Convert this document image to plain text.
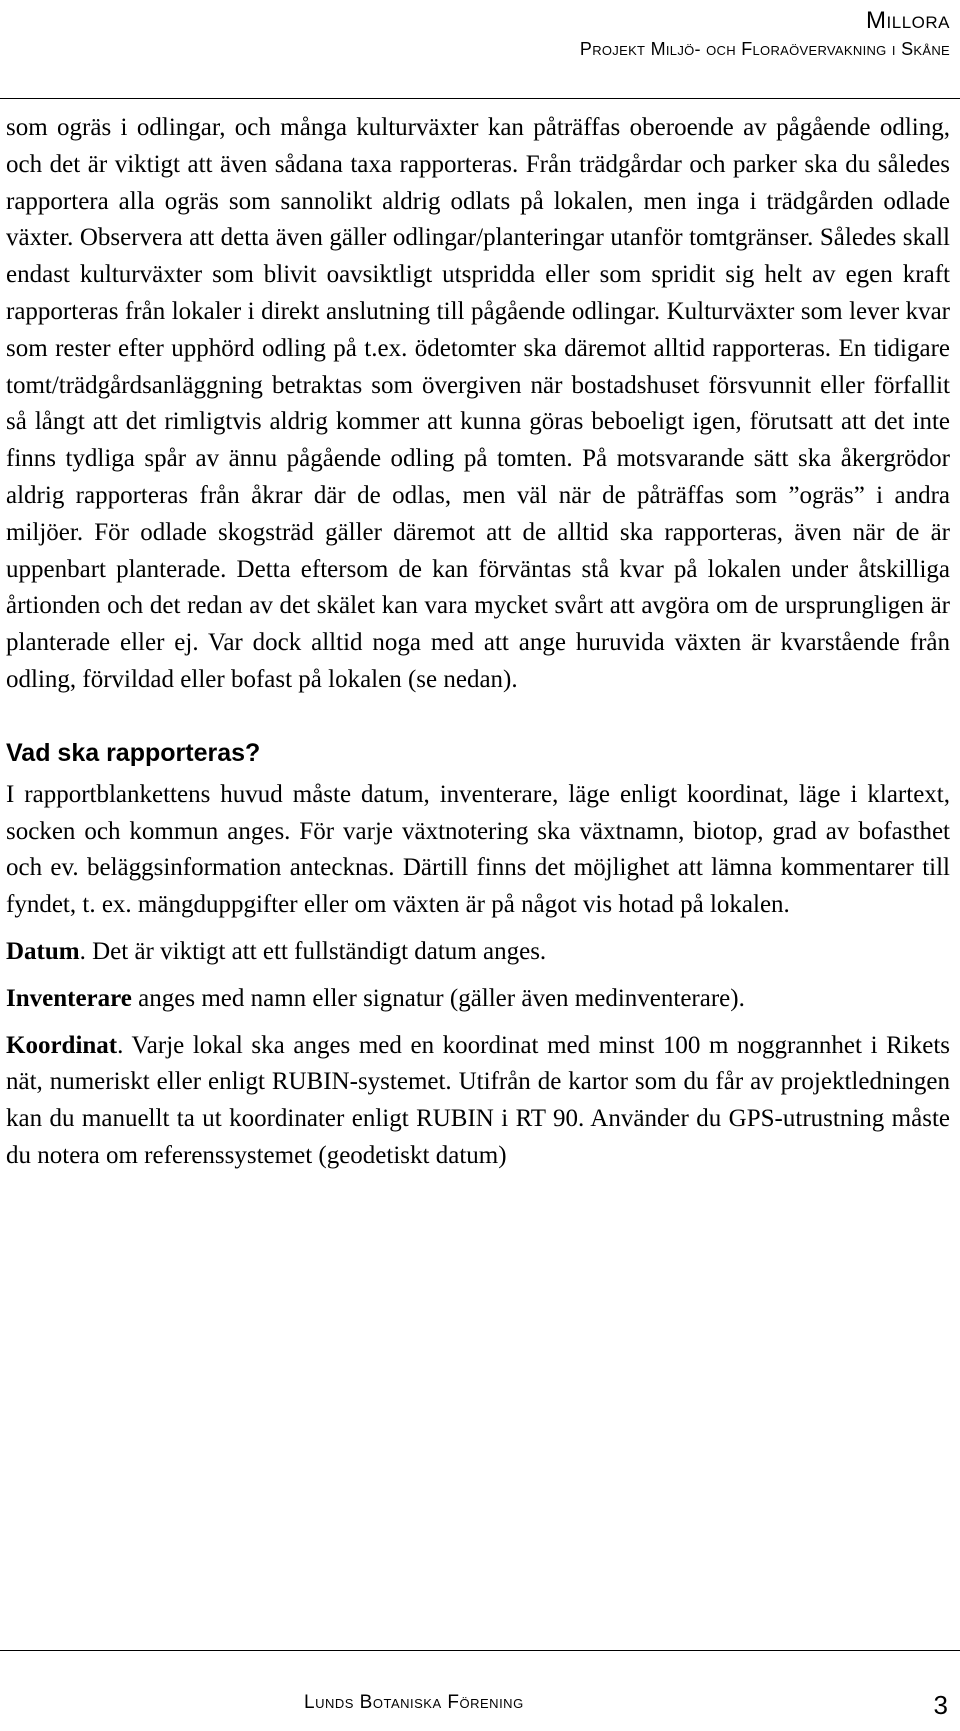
Millora
Projekt Miljö- och Floraövervakning i Skåne

som ogräs i odlingar, och många kulturväxter kan påträffas oberoende av pågående odling, och det är viktigt att även sådana taxa rapporteras. Från trädgårdar och parker ska du således rapportera alla ogräs som sannolikt aldrig odlats på lokalen, men inga i trädgården odlade växter. Observera att detta även gäller odlingar/planteringar utanför tomtgränser. Således skall endast kulturväxter som blivit oavsiktligt utspridda eller som spridit sig helt av egen kraft rapporteras från lokaler i direkt anslutning till pågående odlingar. Kulturväxter som lever kvar som rester efter upphörd odling på t.ex. ödetomter ska däremot alltid rapporteras. En tidigare tomt/trädgårdsanläggning betraktas som övergiven när bostadshuset försvunnit eller förfallit så långt att det rimligtvis aldrig kommer att kunna göras beboeligt igen, förutsatt att det inte finns tydliga spår av ännu pågående odling på tomten. På motsvarande sätt ska åkergrödor aldrig rapporteras från åkrar där de odlas, men väl när de påträffas som ”ogräs” i andra miljöer. För odlade skogsträd gäller däremot att de alltid ska rapporteras, även när de är uppenbart planterade. Detta eftersom de kan förväntas stå kvar på lokalen under åtskilliga årtionden och det redan av det skälet kan vara mycket svårt att avgöra om de ursprungligen är planterade eller ej. Var dock alltid noga med att ange huruvida växten är kvarstående från odling, förvildad eller bofast på lokalen (se nedan).

Vad ska rapporteras?

I rapportblankettens huvud måste datum, inventerare, läge enligt koordinat, läge i klartext, socken och kommun anges. För varje växtnotering ska växtnamn, biotop, grad av bofasthet och ev. beläggsinformation antecknas. Därtill finns det möjlighet att lämna kommentarer till fyndet, t. ex. mängduppgifter eller om växten är på något vis hotad på lokalen.

Datum. Det är viktigt att ett fullständigt datum anges.

Inventerare anges med namn eller signatur (gäller även medinventerare).

Koordinat. Varje lokal ska anges med en koordinat med minst 100 m noggrannhet i Rikets nät, numeriskt eller enligt RUBIN-systemet. Utifrån de kartor som du får av projektledningen kan du manuellt ta ut koordinater enligt RUBIN i RT 90. Använder du GPS-utrustning måste du notera om referenssystemet (geodetiskt datum)

Lunds Botaniska Förening	3
